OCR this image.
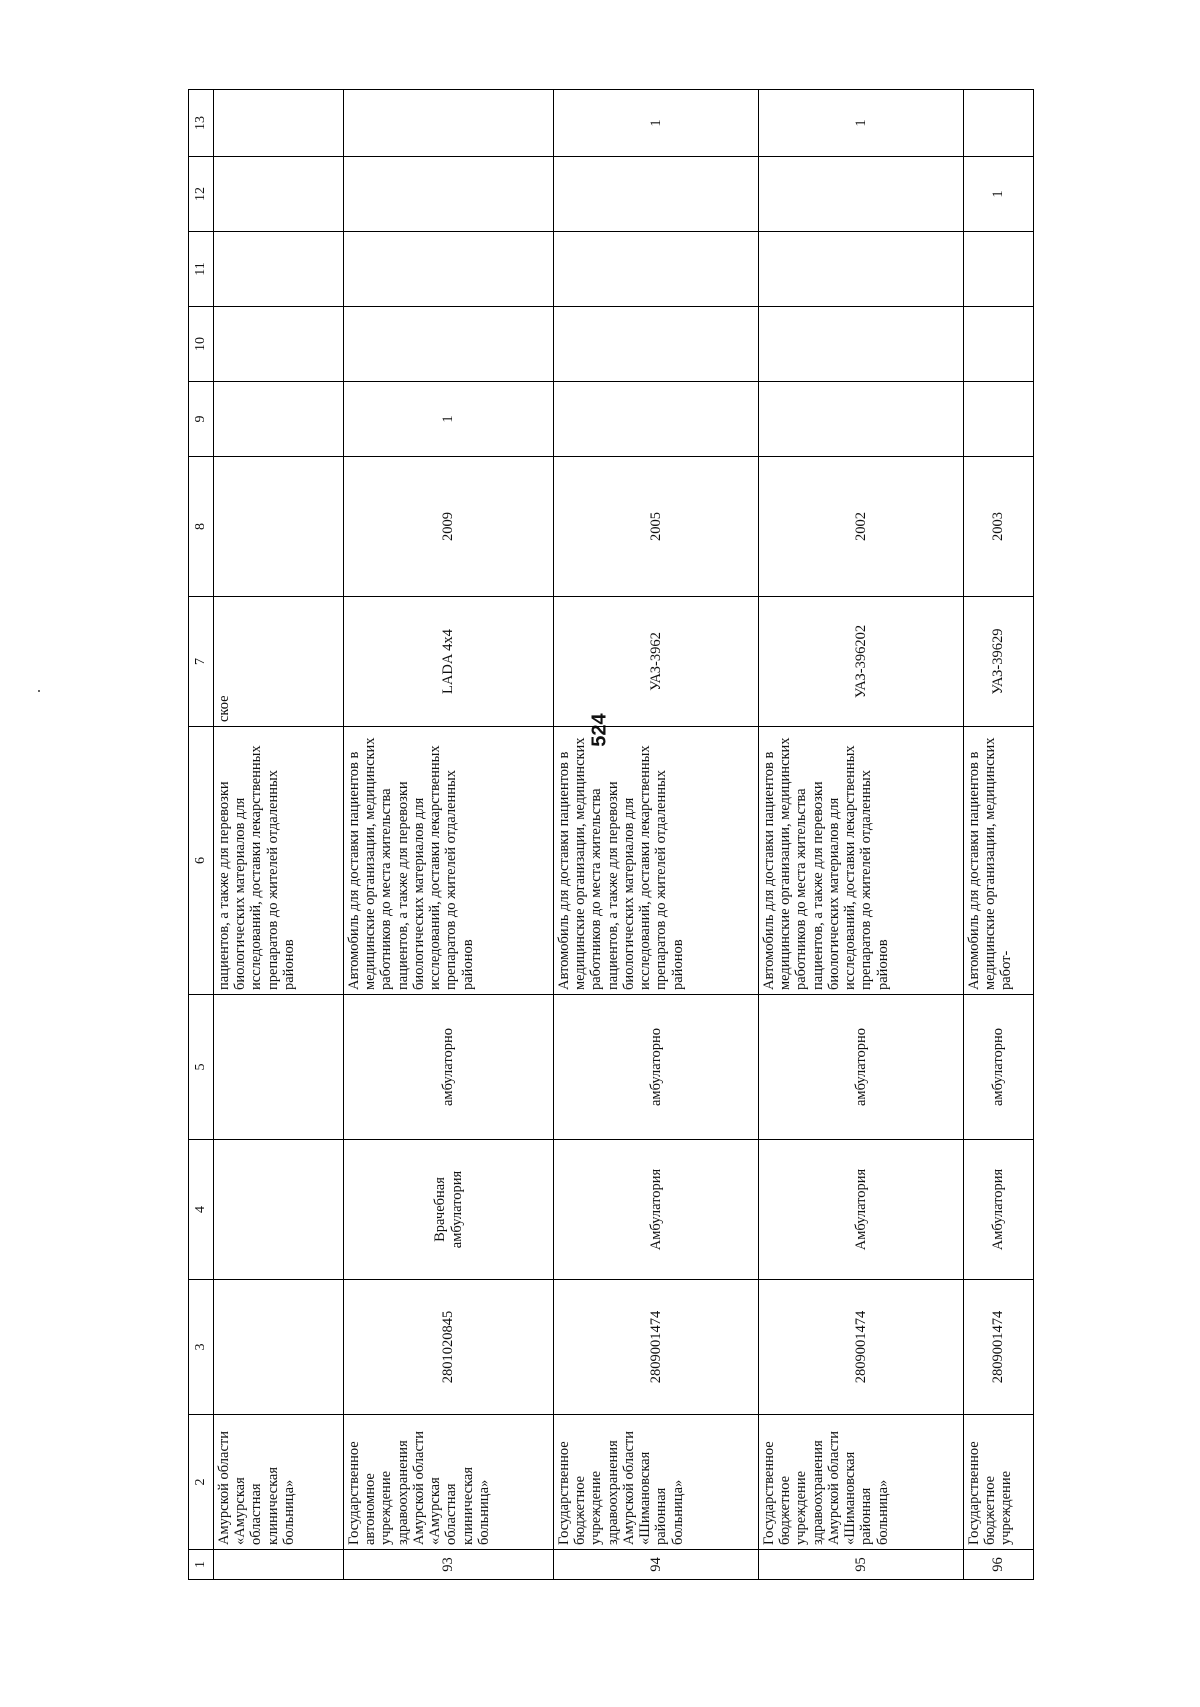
524
1	2	3	4	5	6	7	8	9	10	11	12	13
	Амурской области «Амурская областная клиническая больница»				пациентов, а также для перевозки биологических материалов для исследований, доставки лекарственных препаратов до жителей отдаленных районов	ское						
93	Государственное автономное учреждение здравоохранения Амурской области «Амурская областная клиническая больница»	2801020845	Врачебная амбулатория	амбулаторно	Автомобиль для доставки пациентов в медицинские организации, медицинских работников до места жительства пациентов, а также для перевозки биологических материалов для исследований, доставки лекарственных препаратов до жителей отдаленных районов	LADA 4x4	2009	1				
94	Государственное бюджетное учреждение здравоохранения Амурской области «Шимановская районная больница»	2809001474	Амбулатория	амбулаторно	Автомобиль для доставки пациентов в медицинские организации, медицинских работников до места жительства пациентов, а также для перевозки биологических материалов для исследований, доставки лекарственных препаратов до жителей отдаленных районов	УАЗ-3962	2005					1
95	Государственное бюджетное учреждение здравоохранения Амурской области «Шимановская районная больница»	2809001474	Амбулатория	амбулаторно	Автомобиль для доставки пациентов в медицинские организации, медицинских работников до места жительства пациентов, а также для перевозки биологических материалов для исследований, доставки лекарственных препаратов до жителей отдаленных районов	УАЗ-396202	2002					1
96	Государственное бюджетное учреждение	2809001474	Амбулатория	амбулаторно	Автомобиль для доставки пациентов в медицинские организации, медицинских работ-	УАЗ-39629	2003				1	
